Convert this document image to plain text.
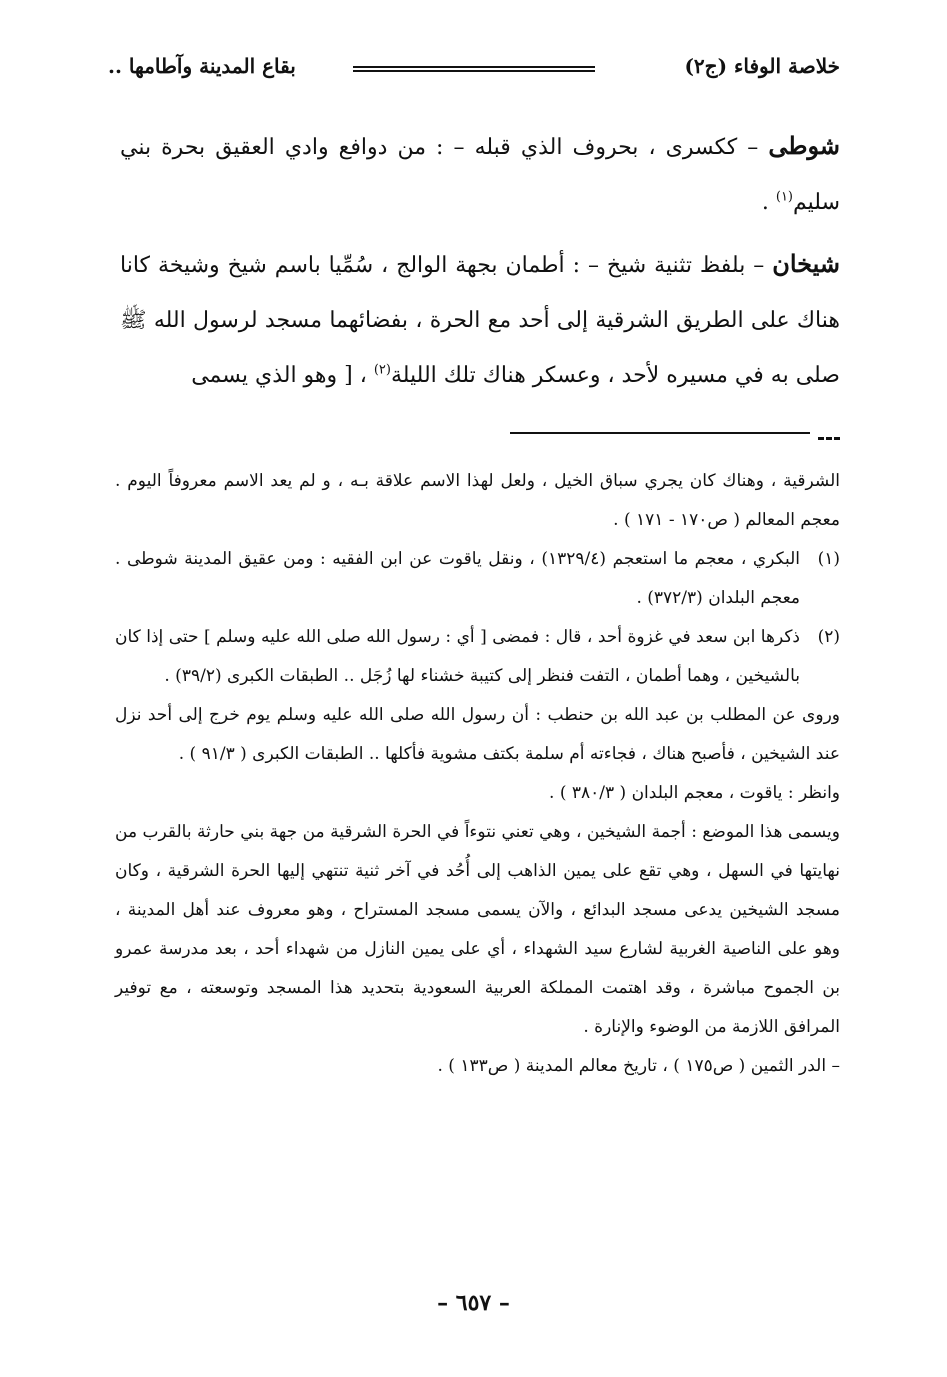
خلاصة الوفاء (ج٢)
بقاع المدينة وآطامها ..

شوطى – ككسرى ، بحروف الذي قبله – : من دوافع وادي العقيق بحرة بني سليم$^{(١)}$ .

شيخان – بلفظ تثنية شيخ – : أطمان بجهة الوالج ، سُمِّيا باسم شيخ وشيخة كانا هناك على الطريق الشرقية إلى أحد مع الحرة ، بفضائهما مسجد لرسول الله ﷺ صلى به في مسيره لأحد ، وعسكر هناك تلك الليلة$^{(٢)}$ ، [ وهو الذي يسمى

الشرقية ، وهناك كان يجري سباق الخيل ، ولعل لهذا الاسم علاقة بـه ، و لم يعد الاسم معروفاً اليوم . معجم المعالم ( ص١٧٠ - ١٧١ ) .

(١)
البكري ، معجم ما استعجم (١٣٢٩/٤) ، ونقل ياقوت عن ابن الفقيه : ومن عقيق المدينة شوطى . معجم البلدان (٣٧٢/٣) .
(٢)
ذكرها ابن سعد في غزوة أحد ، قال : فمضى [ أي : رسول الله صلى الله عليه وسلم ] حتى إذا كان بالشيخين ، وهما أطمان ، التفت فنظر إلى كتيبة خشناء لها زُجَل .. الطبقات الكبرى (٣٩/٢) .

وروى عن المطلب بن عبد الله بن حنطب : أن رسول الله صلى الله عليه وسلم يوم خرج إلى أحد نزل عند الشيخين ، فأصبح هناك ، فجاءته أم سلمة بكتف مشوية فأكلها .. الطبقات الكبرى ( ٩١/٣ ) .

وانظر : ياقوت ، معجم البلدان ( ٣٨٠/٣ ) .

ويسمى هذا الموضع : أجمة الشيخين ، وهي تعني نتوءاً في الحرة الشرقية من جهة بني حارثة بالقرب من نهايتها في السهل ، وهي تقع على يمين الذاهب إلى أُحُد في آخر ثنية تنتهي إليها الحرة الشرقية ، وكان مسجد الشيخين يدعى مسجد البدائع ، والآن يسمى مسجد المستراح ، وهو معروف عند أهل المدينة ، وهو على الناصية الغربية لشارع سيد الشهداء ، أي على يمين النازل من شهداء أحد ، بعد مدرسة عمرو بن الجموح مباشرة ، وقد اهتمت المملكة العربية السعودية بتحديد هذا المسجد وتوسعته ، مع توفير المرافق اللازمة من الوضوء والإنارة .

– الدر الثمين ( ص١٧٥ ) ، تاريخ معالم المدينة ( ص١٣٣ ) .

– ٦٥٧ –
